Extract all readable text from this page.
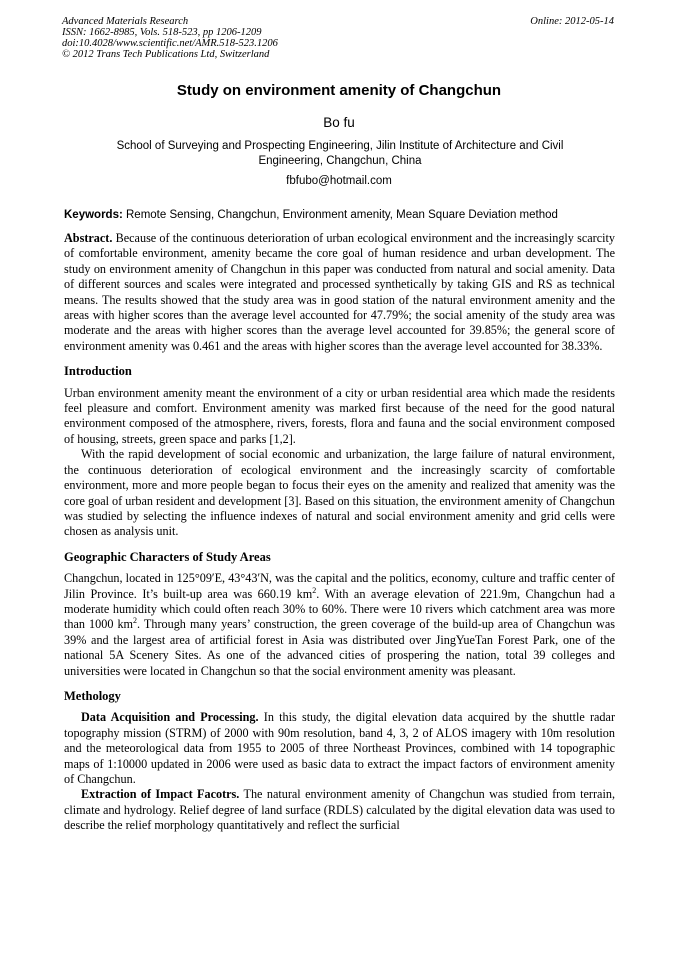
Advanced Materials Research
ISSN: 1662-8985, Vols. 518-523, pp 1206-1209
doi:10.4028/www.scientific.net/AMR.518-523.1206
© 2012 Trans Tech Publications Ltd, Switzerland
Online: 2012-05-14
Study on environment amenity of Changchun
Bo fu
School of Surveying and Prospecting Engineering, Jilin Institute of Architecture and Civil Engineering, Changchun, China
fbfubo@hotmail.com
Keywords: Remote Sensing, Changchun, Environment amenity, Mean Square Deviation method

Abstract. Because of the continuous deterioration of urban ecological environment and the increasingly scarcity of comfortable environment, amenity became the core goal of human residence and urban development. The study on environment amenity of Changchun in this paper was conducted from natural and social amenity. Data of different sources and scales were integrated and processed synthetically by taking GIS and RS as technical means. The results showed that the study area was in good station of the natural environment amenity and the areas with higher scores than the average level accounted for 47.79%; the social amenity of the study area was moderate and the areas with higher scores than the average level accounted for 39.85%; the general score of environment amenity was 0.461 and the areas with higher scores than the average level accounted for 38.33%.

Introduction

Urban environment amenity meant the environment of a city or urban residential area which made the residents feel pleasure and comfort. Environment amenity was marked first because of the need for the good natural environment composed of the atmosphere, rivers, forests, flora and fauna and the social environment composed of housing, streets, green space and parks [1,2].

With the rapid development of social economic and urbanization, the large failure of natural environment, the continuous deterioration of ecological environment and the increasingly scarcity of comfortable environment, more and more people began to focus their eyes on the amenity and realized that amenity was the core goal of urban resident and development [3]. Based on this situation, the environment amenity of Changchun was studied by selecting the influence indexes of natural and social environment amenity and grid cells were chosen as analysis unit.

Geographic Characters of Study Areas

Changchun, located in 125°09′E, 43°43′N, was the capital and the politics, economy, culture and traffic center of Jilin Province. It’s built-up area was 660.19 $km^2$. With an average elevation of 221.9m, Changchun had a moderate humidity which could often reach 30% to 60%. There were 10 rivers which catchment area was more than 1000 $km^2$. Through many years’ construction, the green coverage of the build-up area of Changchun was 39% and the largest area of artificial forest in Asia was distributed over JingYueTan Forest Park, one of the national 5A Scenery Sites. As one of the advanced cities of prospering the nation, total 39 colleges and universities were located in Changchun so that the social environment amenity was pleasant.

Methology

Data Acquisition and Processing. In this study, the digital elevation data acquired by the shuttle radar topography mission (STRM) of 2000 with 90m resolution, band 4, 3, 2 of ALOS imagery with 10m resolution and the meteorological data from 1955 to 2005 of three Northeast Provinces, combined with 14 topographic maps of 1:10000 updated in 2006 were used as basic data to extract the impact factors of environment amenity of Changchun.

Extraction of Impact Facotrs. The natural environment amenity of Changchun was studied from terrain, climate and hydrology. Relief degree of land surface (RDLS) calculated by the digital elevation data was used to describe the relief morphology quantitatively and reflect the surficial
